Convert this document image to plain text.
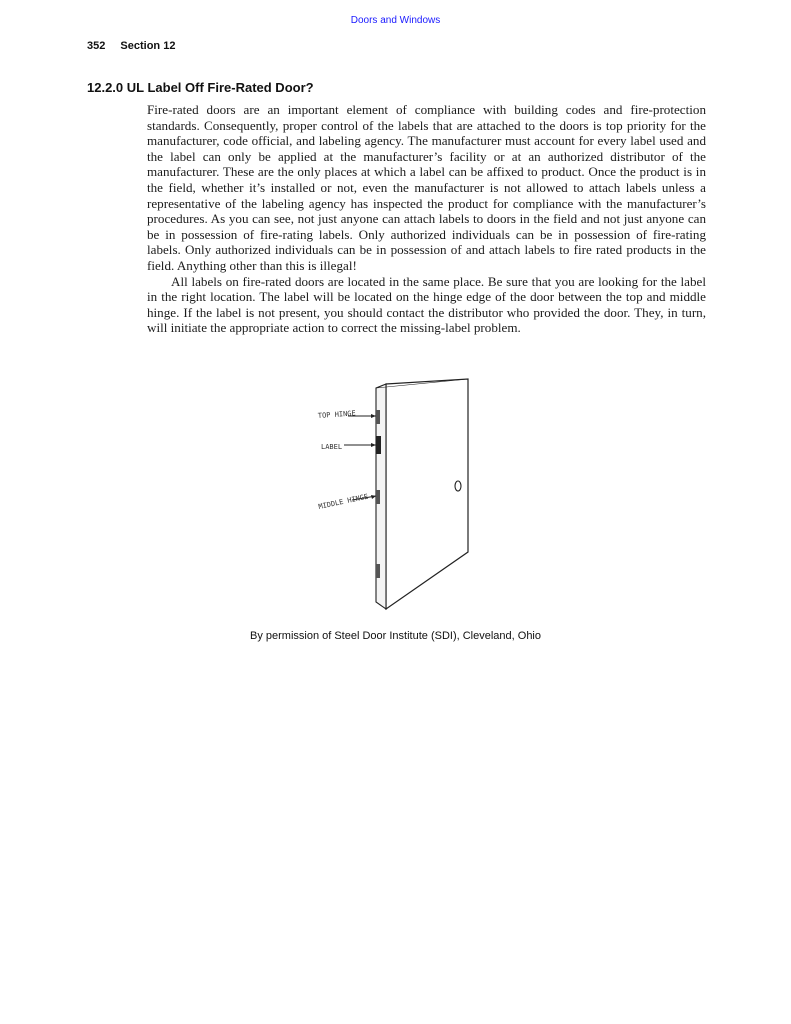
Doors and Windows
352 Section 12
12.2.0 UL Label Off Fire-Rated Door?

Fire-rated doors are an important element of compliance with building codes and fire-protection standards. Consequently, proper control of the labels that are attached to the doors is top priority for the manufacturer, code official, and labeling agency. The manufacturer must account for every label used and the label can only be applied at the manufacturer’s facility or at an authorized distributor of the manufacturer. These are the only places at which a label can be affixed to product. Once the product is in the field, whether it’s installed or not, even the manufacturer is not allowed to attach labels unless a representative of the labeling agency has inspected the product for compliance with the manufacturer’s procedures. As you can see, not just anyone can attach labels to doors in the field and not just anyone can be in possession of fire-rating labels. Only authorized individuals can be in possession of fire-rating labels. Only authorized individuals can be in possession of and attach labels to fire rated products in the field. Anything other than this is illegal!

All labels on fire-rated doors are located in the same place. Be sure that you are looking for the label in the right location. The label will be located on the hinge edge of the door between the top and middle hinge. If the label is not present, you should contact the distributor who provided the door. They, in turn, will initiate the appropriate action to correct the missing-label problem.

TOP HINGE
LABEL
MIDDLE HINGE
By permission of Steel Door Institute (SDI), Cleveland, Ohio
